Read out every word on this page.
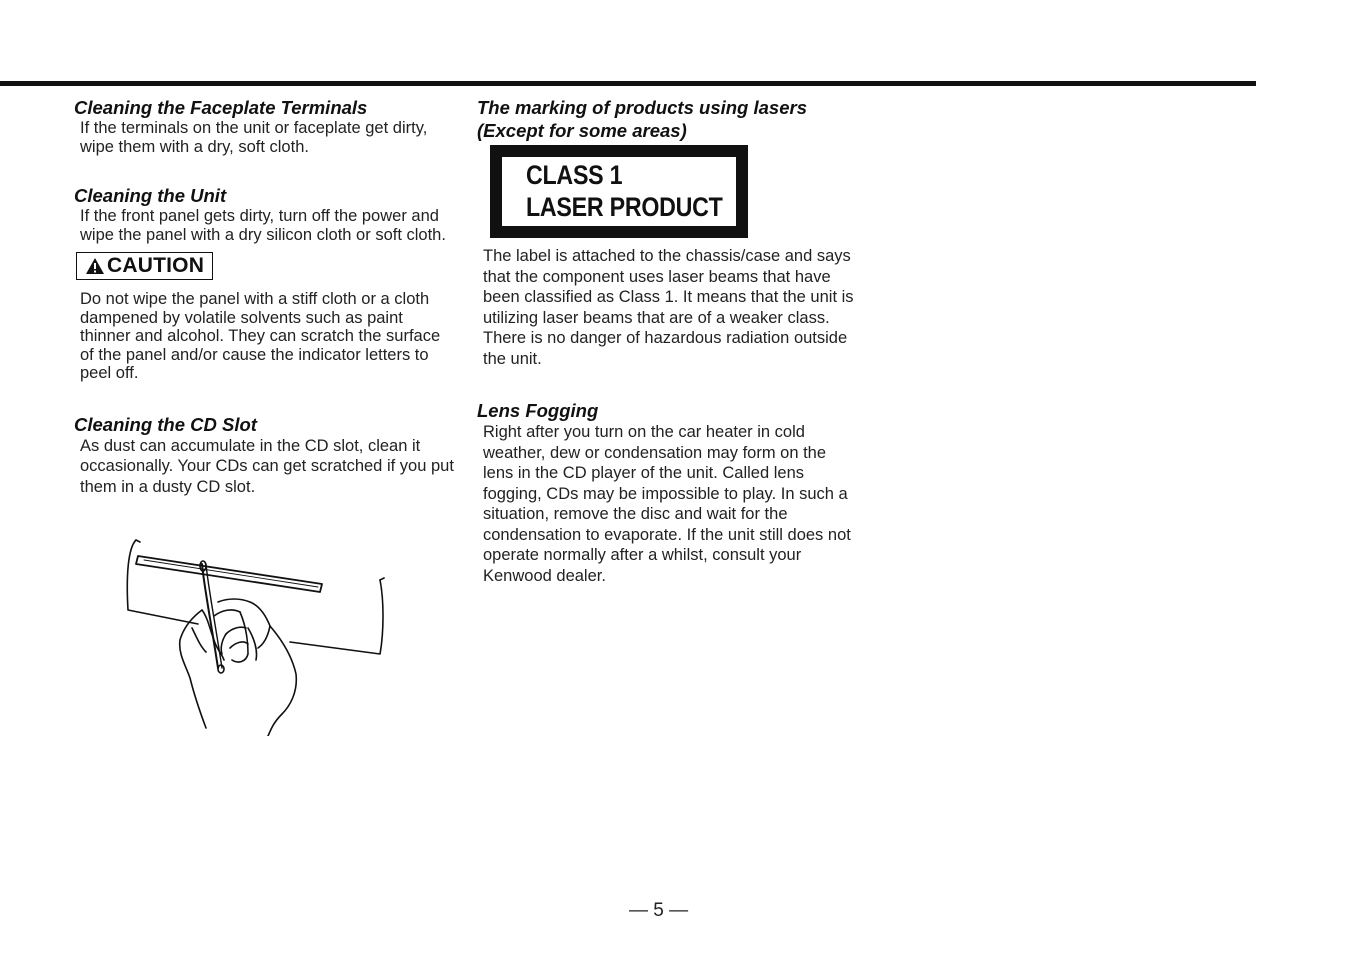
Cleaning the Faceplate Terminals

If the terminals on the unit or faceplate get dirty, wipe them with a dry, soft cloth.

Cleaning the Unit

If the front panel gets dirty, turn off the power and wipe the panel with a dry silicon cloth or soft cloth.

CAUTION

Do not wipe the panel with a stiff cloth or a cloth dampened by volatile solvents such as paint thinner and alcohol. They can scratch the surface of the panel and/or cause the indicator letters to peel off.

Cleaning the CD Slot

As dust can accumulate in the CD slot, clean it occasionally. Your CDs can get scratched if you put them in a dusty CD slot.

The marking of products using lasers
(Except for some areas)
CLASS 1
LASER PRODUCT

The label is attached to the chassis/case and says that the component uses laser beams that have been classified as Class 1. It means that the unit is utilizing laser beams that are of a weaker class. There is no danger of hazardous radiation outside the unit.

Lens Fogging

Right after you turn on the car heater in cold weather, dew or condensation may form on the lens in the CD player of the unit. Called lens fogging, CDs may be impossible to play. In such a situation, remove the disc and wait for the condensation to evaporate. If the unit still does not operate normally after a whilst, consult your Kenwood dealer.

— 5 —
